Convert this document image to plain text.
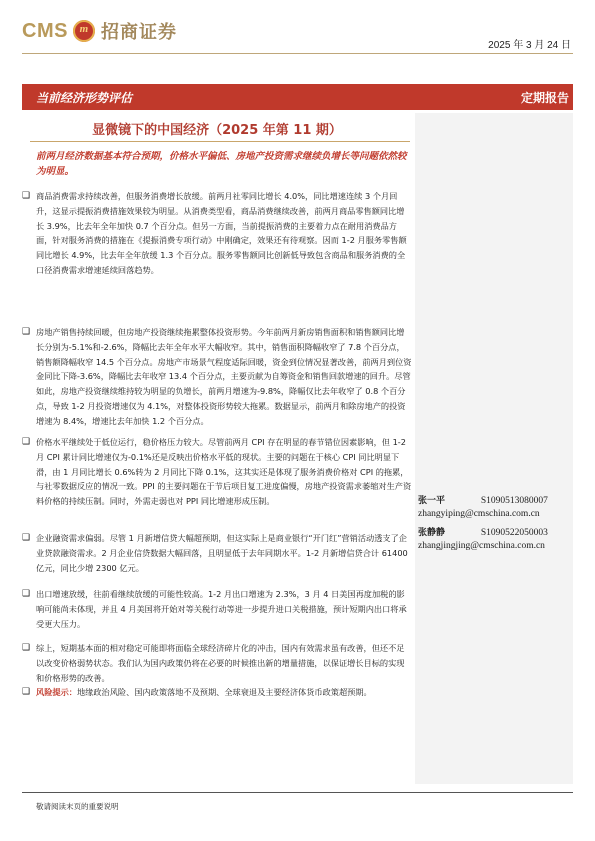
CMS	m 招商证券
2025 年 3 月 24 日
当前经济形势评估	定期报告
张一平	S1090513080007
zhangyiping@cmschina.com.cn
张静静	S1090522050003
zhangjingjing@cmschina.com.cn
显微镜下的中国经济（2025 年第 11 期）
前两月经济数据基本符合预期，价格水平偏低、房地产投资需求继续负增长等问题依然较为明显。
❑ 商品消费需求持续改善，但服务消费增长放缓。前两月社零同比增长 4.0%，同比增速连续 3 个月回升，这显示提振消费措施效果较为明显。从消费类型看，商品消费继续改善，前两月商品零售额同比增长 3.9%，比去年全年加快 0.7 个百分点。但另一方面，当前提振消费的主要着力点在耐用消费品方面，针对服务消费的措施在《提振消费专项行动》中刚确定，效果还有待观察。因而 1-2 月服务零售额同比增长 4.9%，比去年全年放缓 1.3 个百分点。服务零售额同比创新低导致包含商品和服务消费的全口径消费需求增速延续回落趋势。
❑ 房地产销售持续回暖，但房地产投资继续拖累整体投资形势。今年前两月新房销售面积和销售额同比增长分别为-5.1%和-2.6%，降幅比去年全年水平大幅收窄。其中，销售面积降幅收窄了 7.8 个百分点，销售额降幅收窄 14.5 个百分点。房地产市场景气程度适际回暖，资金到位情况显著改善，前两月到位资金同比下降-3.6%，降幅比去年收窄 13.4 个百分点，主要贡献为自筹资金和销售回款增速的回升。尽管如此，房地产投资继续维持较为明显的负增长，前两月增速为-9.8%，降幅仅比去年收窄了 0.8 个百分点，导致 1-2 月投资增速仅为 4.1%，对整体投资形势较大拖累。数据显示，前两月和除房地产的投资增速为 8.4%，增速比去年加快 1.2 个百分点。
❑ 价格水平继续处于低位运行，稳价格压力较大。尽管前两月 CPI 存在明显的春节错位因素影响，但 1-2 月 CPI 累计同比增速仅为-0.1%还是反映出价格水平低的现状。主要的问题在于核心 CPI 同比明显下滑，由 1 月同比增长 0.6%转为 2 月同比下降 0.1%，这其实还是体现了服务消费价格对 CPI 的拖累，与社零数据反应的情况一致。PPI 的主要问题在于节后项目复工进度偏慢，房地产投资需求萎缩对生产资料价格的持续压制。同时，外需走弱也对 PPI 同比增速形成压制。
❑ 企业融资需求偏弱。尽管 1 月新增信贷大幅超预期，但这实际上是商业银行“开门红”营销活动透支了企业贷款融资需求。2 月企业信贷数据大幅回落，且明显低于去年同期水平。1-2 月新增信贷合计 61400 亿元，同比少增 2300 亿元。
❑ 出口增速放缓，往前看继续放缓的可能性较高。1-2 月出口增速为 2.3%，3 月 4 日美国再度加税的影响可能尚未体现，并且 4 月美国将开始对等关税行动等进一步提升进口关税措施，预计短期内出口将承受更大压力。
❑ 综上，短期基本面的相对稳定可能即将面临全球经济碎片化的冲击，国内有效需求虽有改善，但还不足以改变价格弱势状态。我们认为国内政策仍将在必要的时候推出新的增量措施，以保证增长目标的实现和价格形势的改善。
❑ 风险提示：地缘政治风险、国内政策落地不及预期、全球衰退及主要经济体货币政策超预期。
敬请阅读末页的重要说明
